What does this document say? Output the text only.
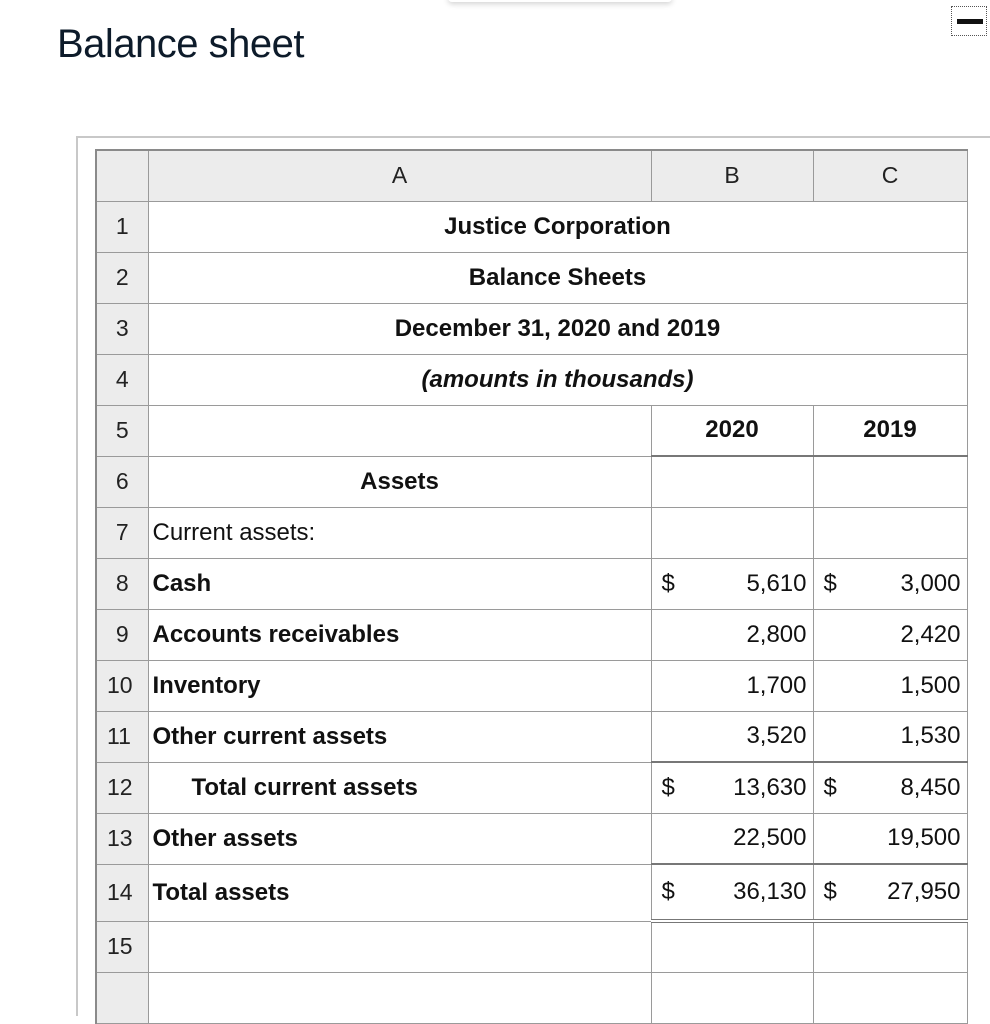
Balance sheet
	A	B	C
1	Justice Corporation		
2	Balance Sheets		
3	December 31, 2020 and 2019		
4	(amounts in thousands)		
5		2020	2019
6	Assets		
7	Current assets:		
8	Cash	$ 5,610	$ 3,000

9	Accounts receivables	2,800	2,420

10	Inventory	1,700	1,500

11	Other current assets	3,520	1,530

12	Total current assets	$ 13,630	$ 8,450

13	Other assets	22,500	19,500

14	Total assets	$ 36,130	$ 27,950

15			
